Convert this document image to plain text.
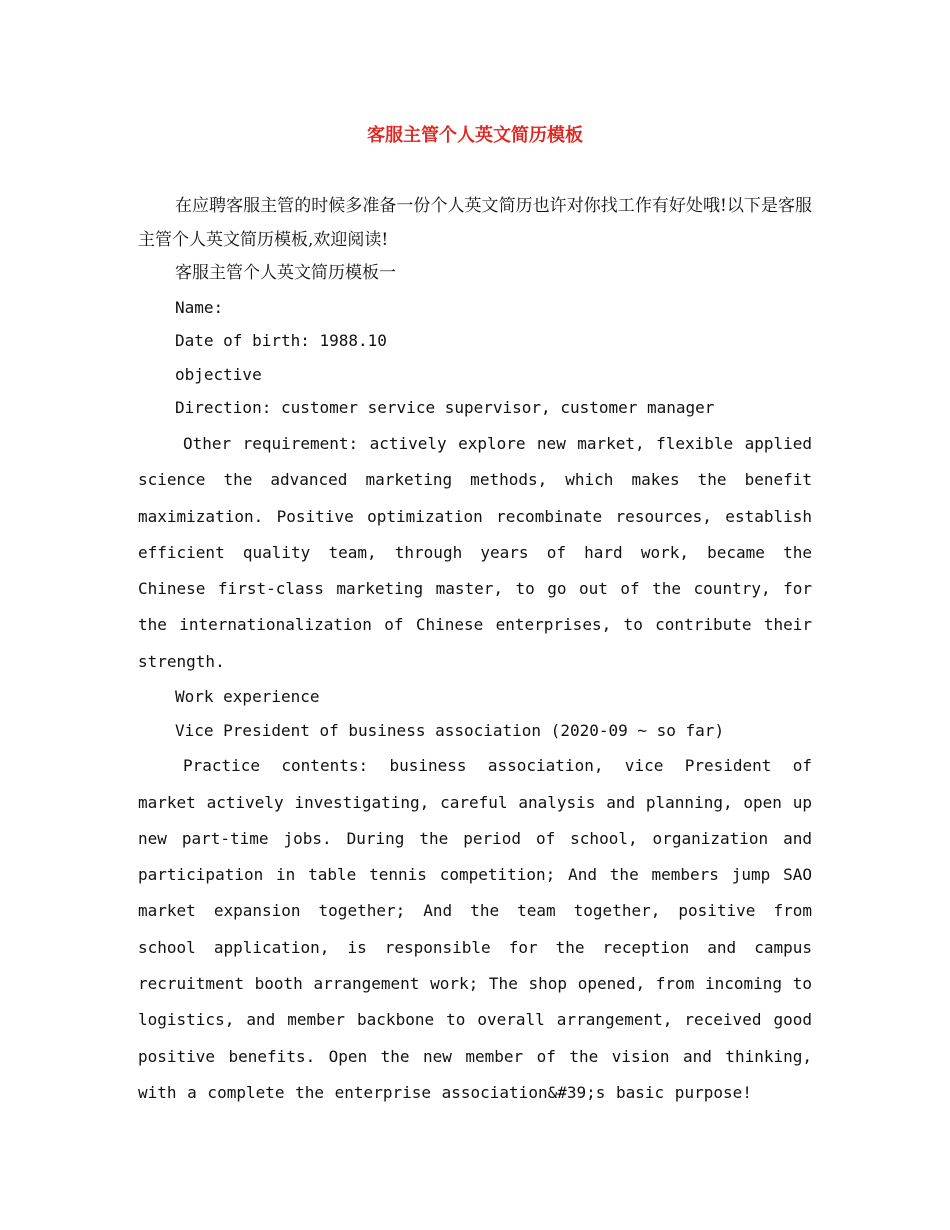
客服主管个人英文简历模板

在应聘客服主管的时候多准备一份个人英文简历也许对你找工作有好处哦!以下是客服主管个人英文简历模板,欢迎阅读!

客服主管个人英文简历模板一
Name:
Date of birth: 1988.10
objective
Direction: customer service supervisor, customer manager

Other requirement: actively explore new market, flexible applied science the advanced marketing methods, which makes the benefit maximization. Positive optimization recombinate resources, establish efficient quality team, through years of hard work, became the Chinese first-class marketing master, to go out of the country, for the internationalization of Chinese enterprises, to contribute their strength.

Work experience
Vice President of business association (2020-09 ~ so far)

Practice contents: business association, vice President of market actively investigating, careful analysis and planning, open up new part-time jobs. During the period of school, organization and participation in table tennis competition; And the members jump SAO market expansion together; And the team together, positive from school application, is responsible for the reception and campus recruitment booth arrangement work; The shop opened, from incoming to logistics, and member backbone to overall arrangement, received good positive benefits. Open the new member of the vision and thinking, with a complete the enterprise association&#39;s basic purpose!
